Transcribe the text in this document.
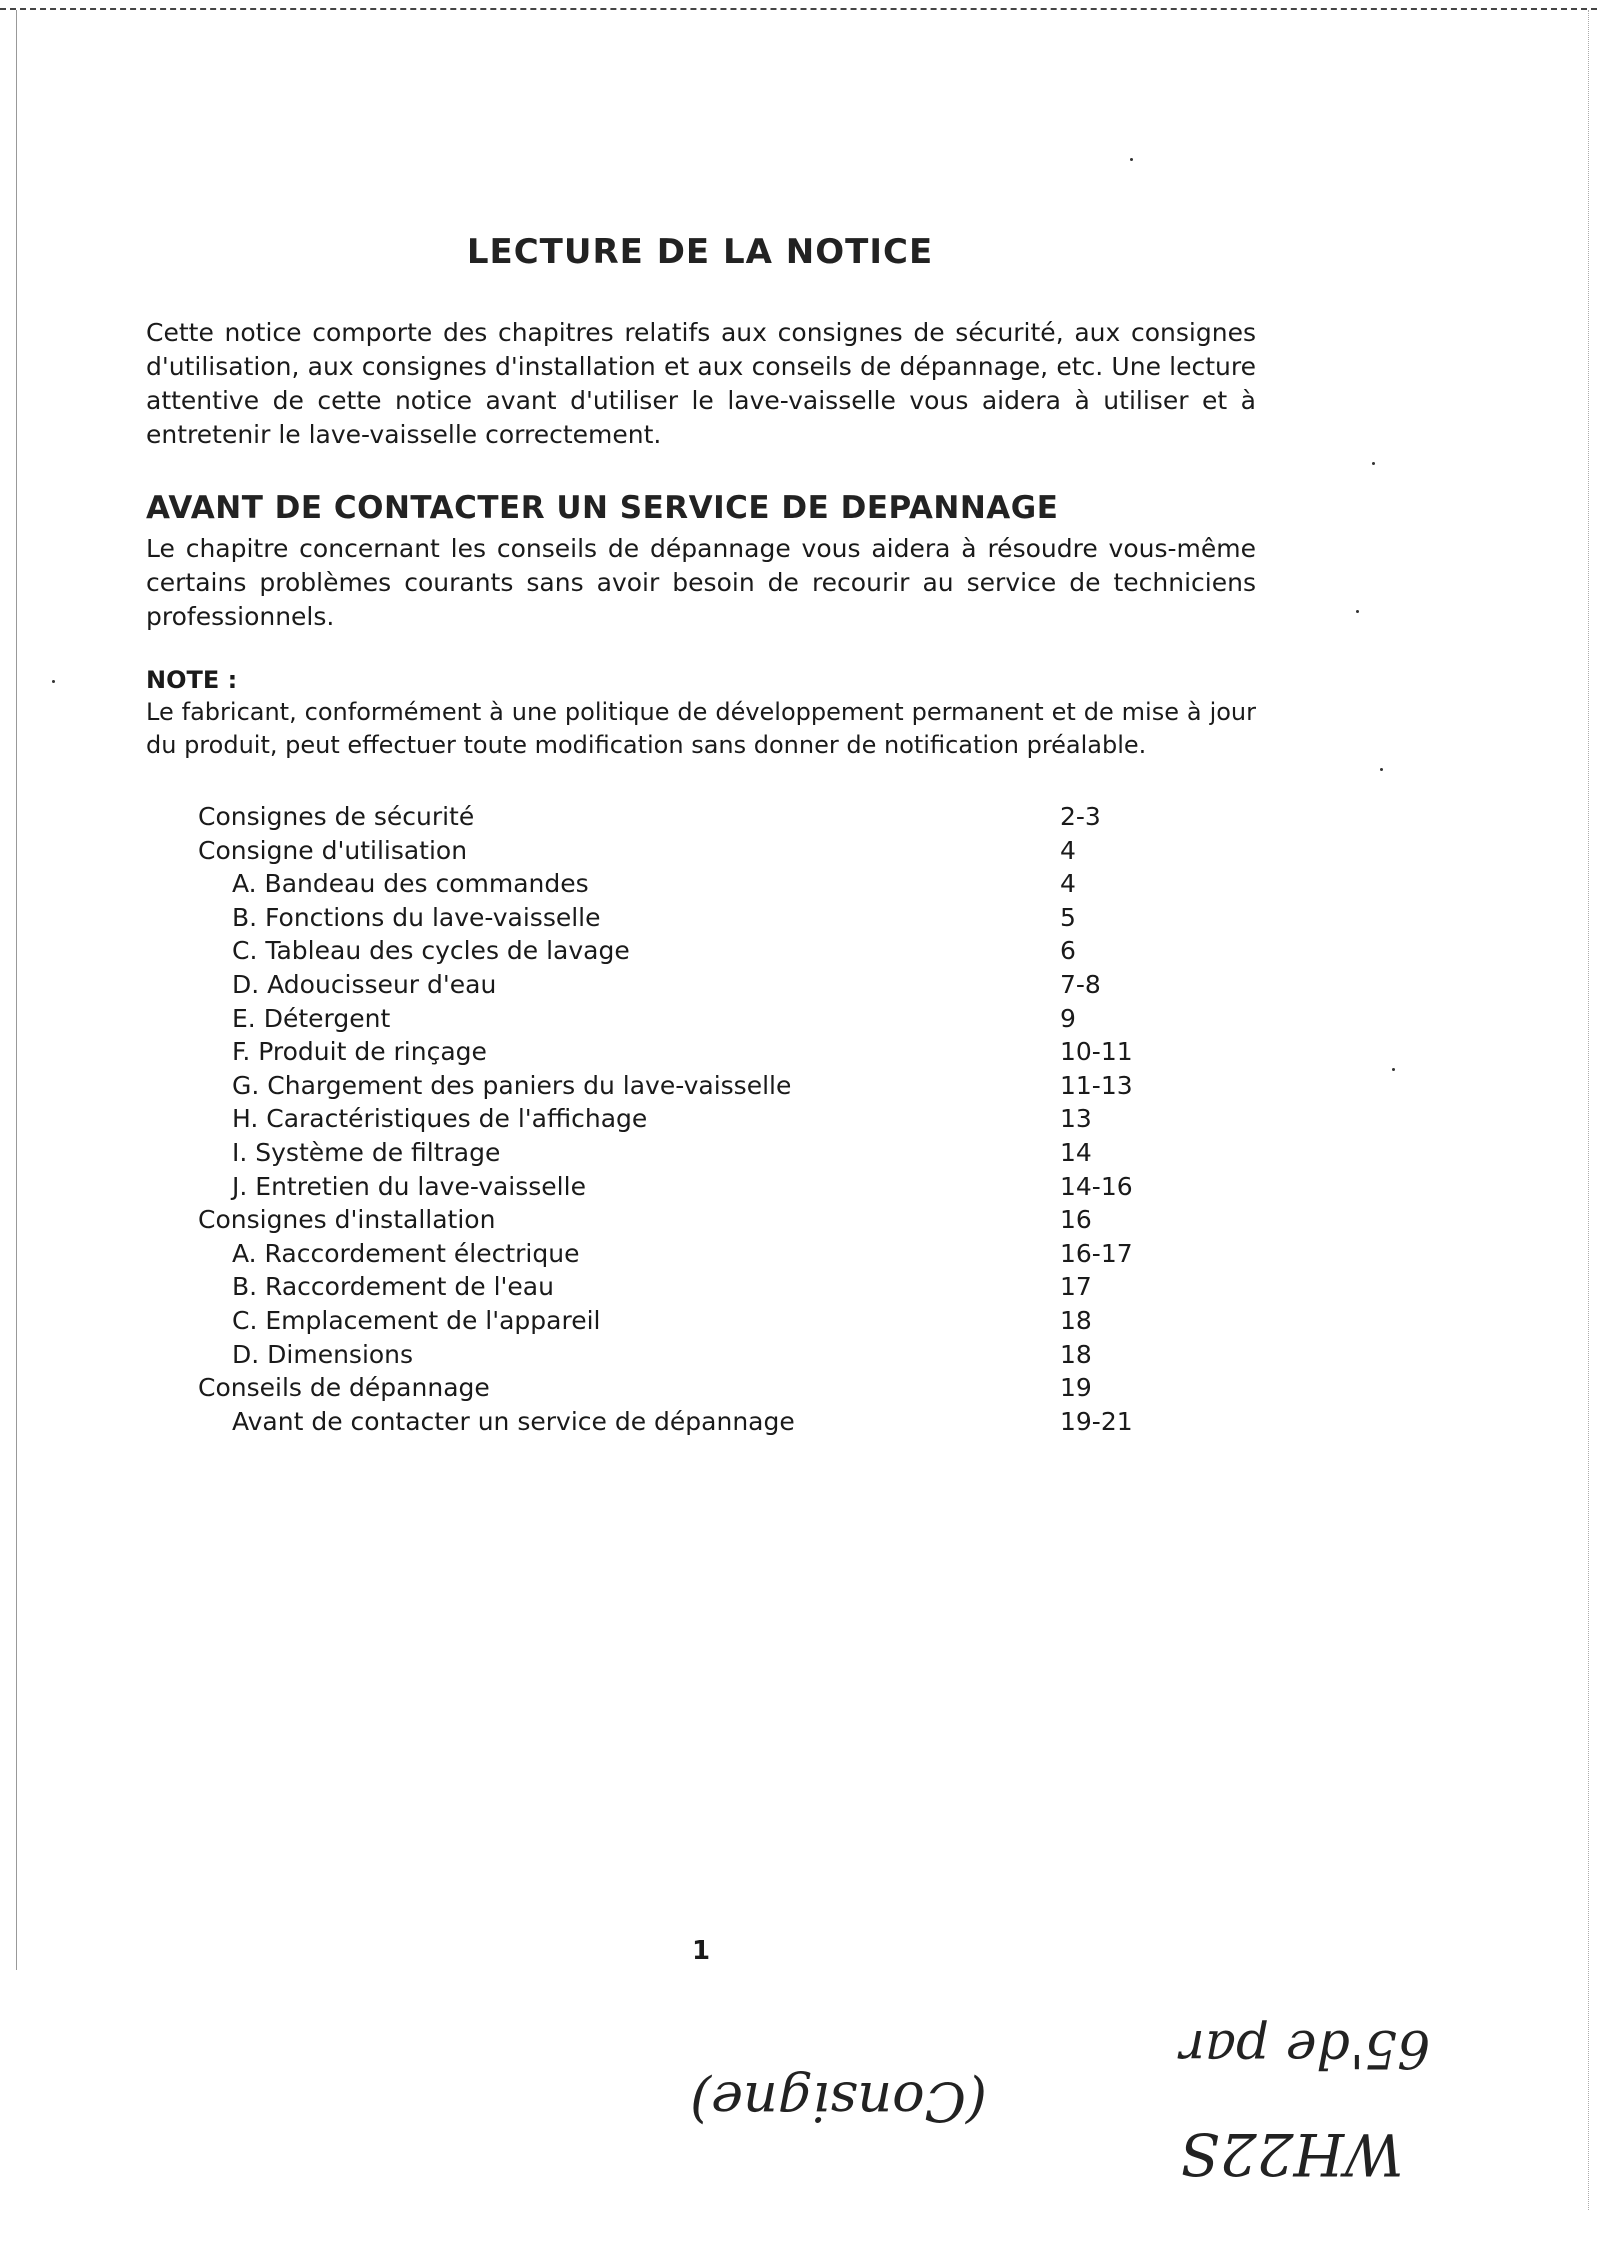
LECTURE DE LA NOTICE
Cette notice comporte des chapitres relatifs aux consignes de sécurité, aux consignes d'utilisation, aux consignes d'installation et aux conseils de dépannage, etc. Une lecture attentive de cette notice avant d'utiliser le lave-vaisselle vous aidera à utiliser et à entretenir le lave-vaisselle correctement.
AVANT DE CONTACTER UN SERVICE DE DEPANNAGE
Le chapitre concernant les conseils de dépannage vous aidera à résoudre vous-même certains problèmes courants sans avoir besoin de recourir au service de techniciens professionnels.
NOTE :
Le fabricant, conformément à une politique de développement permanent et de mise à jour du produit, peut effectuer toute modification sans donner de notification préalable.
Consignes de sécurité	2-3
Consigne d'utilisation	4
A. Bandeau des commandes	4
B. Fonctions du lave-vaisselle	5
C. Tableau des cycles de lavage	6
D. Adoucisseur d'eau	7-8
E. Détergent	9
F. Produit de rinçage	10-11
G. Chargement des paniers du lave-vaisselle	11-13
H. Caractéristiques de l'affichage	13
I. Système de filtrage	14
J. Entretien du lave-vaisselle	14-16
Consignes d'installation	16
A. Raccordement électrique	16-17
B. Raccordement de l'eau	17
C. Emplacement de l'appareil	18
D. Dimensions	18
Conseils de dépannage	19
Avant de contacter un service de dépannage	19-21
1
(Consigne)
65'de par
WH22S
